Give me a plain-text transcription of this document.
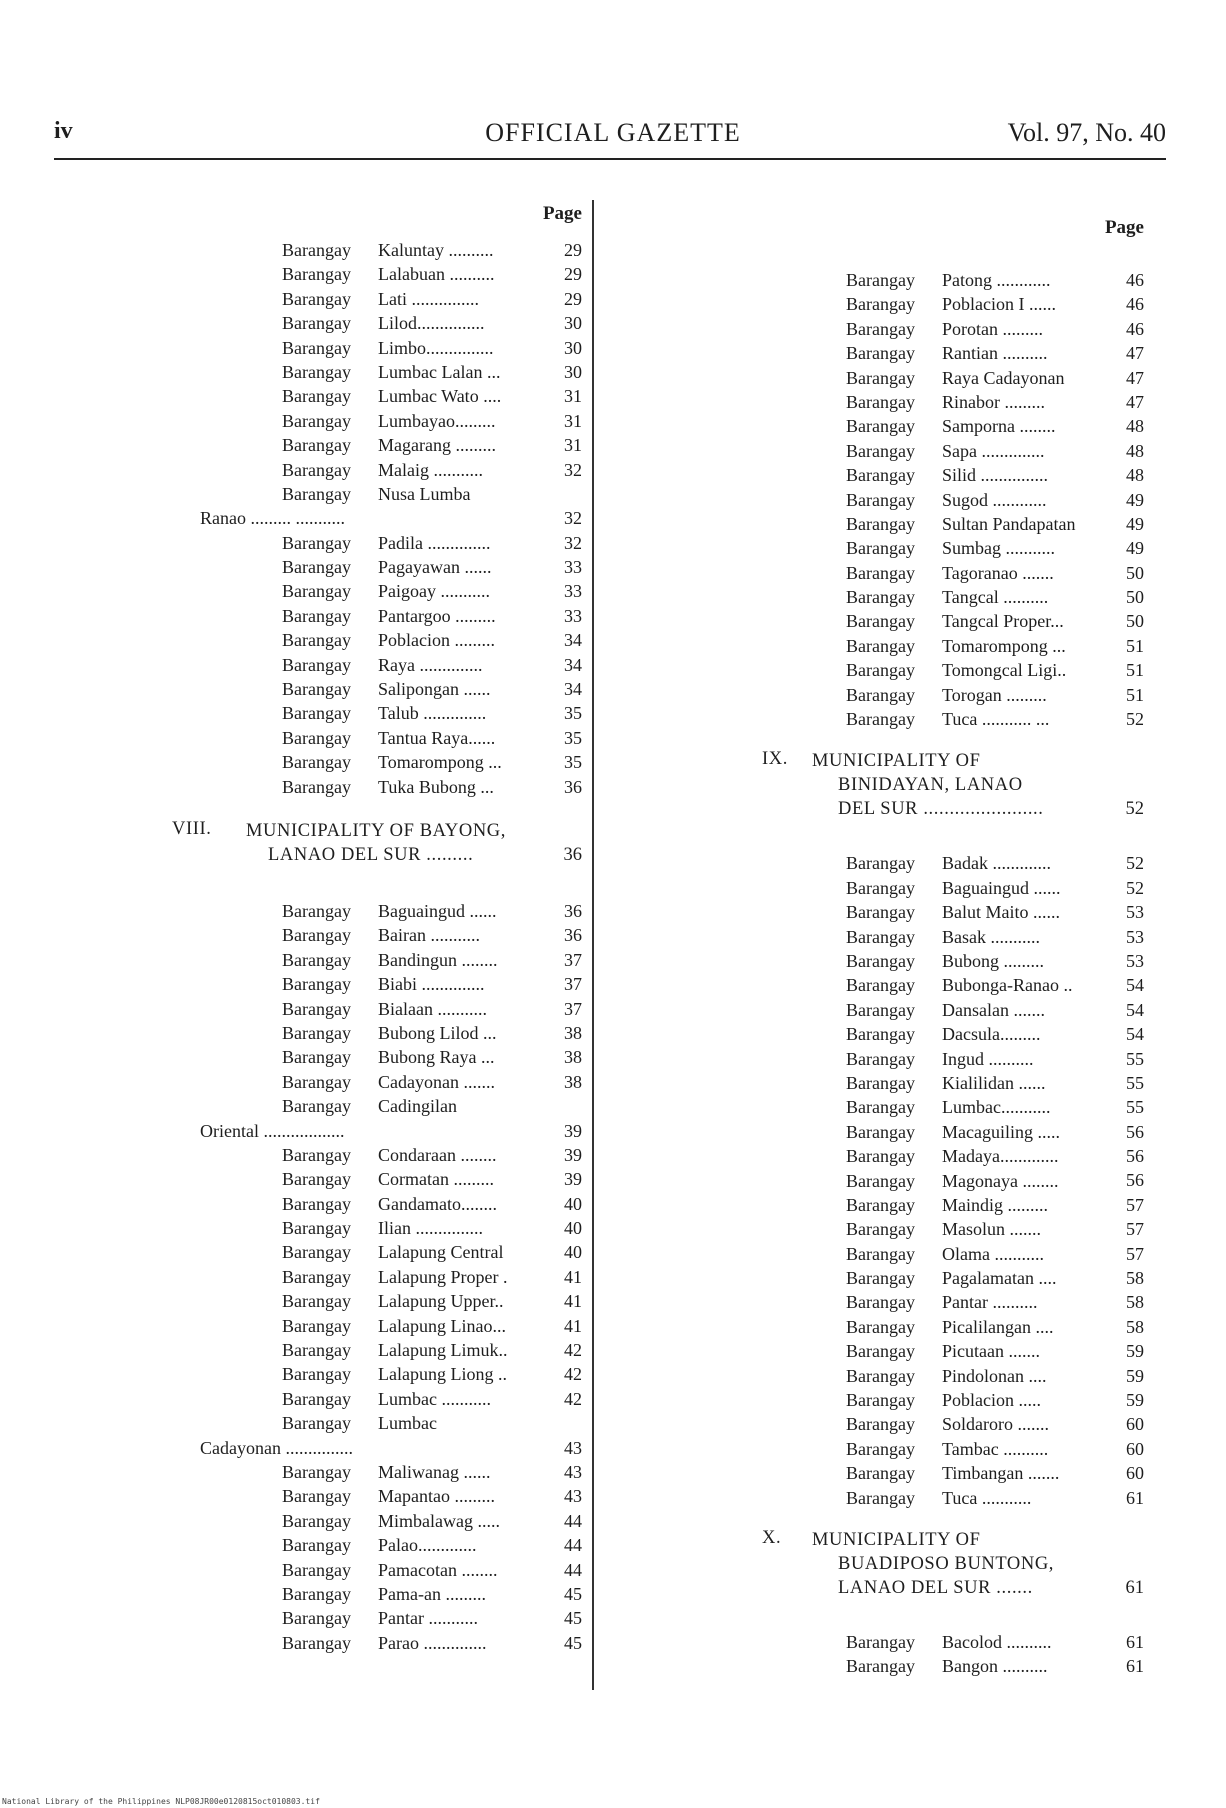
iv	OFFICIAL GAZETTE	Vol. 97, No. 40
Page
Barangay Kaluntay ..........	29
Barangay Lalabuan ..........	29
Barangay Lati ...............	29
Barangay Lilod...............	30
Barangay Limbo...............	30
Barangay Lumbac Lalan ...	30
Barangay Lumbac Wato ....	31
Barangay Lumbayao.........	31
Barangay Magarang .........	31
Barangay Malaig ...........	32
Barangay Nusa Lumba
Ranao ......... ...........	32
Barangay Padila ..............	32
Barangay Pagayawan ......	33
Barangay Paigoay ...........	33
Barangay Pantargoo .........	33
Barangay Poblacion .........	34
Barangay Raya ..............	34
Barangay Salipongan ......	34
Barangay Talub ..............	35
Barangay Tantua Raya......	35
Barangay Tomarompong ...	35
Barangay Tuka Bubong ...	36
VIII.	MUNICIPALITY OF BAYONG,
LANAO DEL SUR .........	36
Barangay Baguaingud ......	36
Barangay Bairan ...........	36
Barangay Bandingun ........	37
Barangay Biabi ..............	37
Barangay Bialaan ...........	37
Barangay Bubong Lilod ...	38
Barangay Bubong Raya ...	38
Barangay Cadayonan .......	38
Barangay Cadingilan
Oriental ..................	39
Barangay Condaraan ........	39
Barangay Cormatan .........	39
Barangay Gandamato........	40
Barangay Ilian ...............	40
Barangay Lalapung Central	40
Barangay Lalapung Proper .	41
Barangay Lalapung Upper..	41
Barangay Lalapung Linao...	41
Barangay Lalapung Limuk..	42
Barangay Lalapung Liong ..	42
Barangay Lumbac ...........	42
Barangay Lumbac
Cadayonan ...............	43
Barangay Maliwanag ......	43
Barangay Mapantao .........	43
Barangay Mimbalawag .....	44
Barangay Palao.............	44
Barangay Pamacotan ........	44
Barangay Pama-an .........	45
Barangay Pantar ...........	45
Barangay Parao ..............	45
Page
Barangay Patong ............	46
Barangay Poblacion I ......	46
Barangay Porotan .........	46
Barangay Rantian ..........	47
Barangay Raya Cadayonan	47
Barangay Rinabor .........	47
Barangay Samporna ........	48
Barangay Sapa ..............	48
Barangay Silid ...............	48
Barangay Sugod ............	49
Barangay Sultan Pandapatan	49
Barangay Sumbag ...........	49
Barangay Tagoranao .......	50
Barangay Tangcal ..........	50
Barangay Tangcal Proper...	50
Barangay Tomarompong ...	51
Barangay Tomongcal Ligi..	51
Barangay Torogan .........	51
Barangay Tuca ........... ...	52
IX.	MUNICIPALITY OF
BINIDAYAN, LANAO
DEL SUR .......................	52
Barangay Badak .............	52
Barangay Baguaingud ......	52
Barangay Balut Maito ......	53
Barangay Basak ...........	53
Barangay Bubong .........	53
Barangay Bubonga-Ranao ..	54
Barangay Dansalan .......	54
Barangay Dacsula.........	54
Barangay Ingud ..........	55
Barangay Kialilidan ......	55
Barangay Lumbac...........	55
Barangay Macaguiling .....	56
Barangay Madaya.............	56
Barangay Magonaya ........	56
Barangay Maindig .........	57
Barangay Masolun .......	57
Barangay Olama ...........	57
Barangay Pagalamatan ....	58
Barangay Pantar ..........	58
Barangay Picalilangan ....	58
Barangay Picutaan .......	59
Barangay Pindolonan ....	59
Barangay Poblacion .....	59
Barangay Soldaroro .......	60
Barangay Tambac ..........	60
Barangay Timbangan .......	60
Barangay Tuca ...........	61
X.	MUNICIPALITY OF
BUADIPOSO BUNTONG,
LANAO DEL SUR .......	61
Barangay Bacolod ..........	61
Barangay Bangon ..........	61
National Library of the Philippines NLP08JR00e0120815oct010803.tif
